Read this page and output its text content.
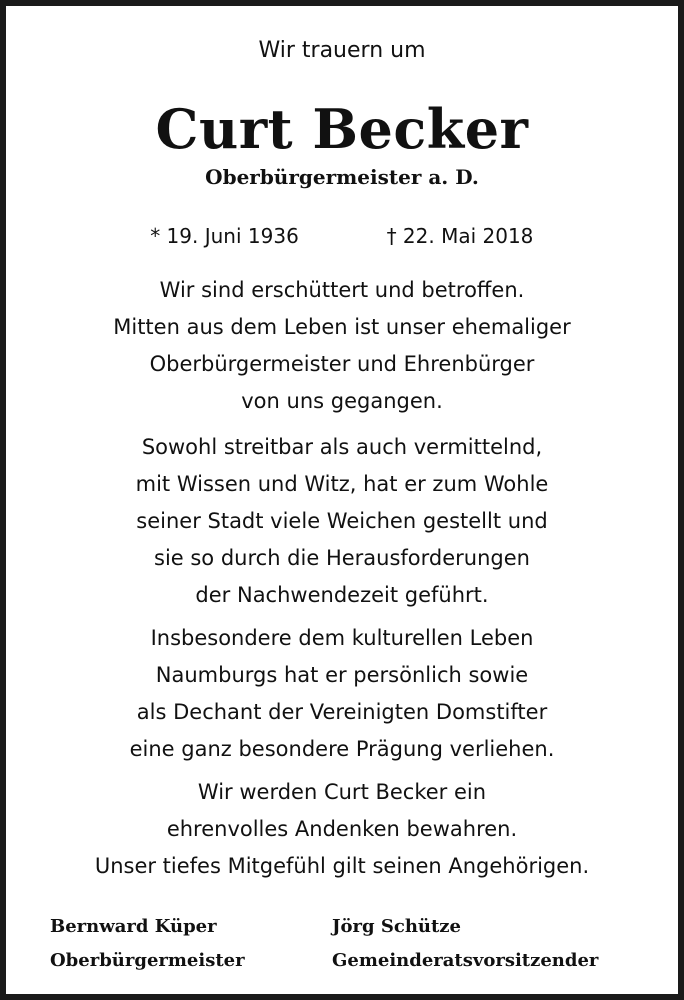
Wir trauern um
Curt Becker
Oberbürgermeister a. D.
* 19. Juni 1936	† 22. Mai 2018
Wir sind erschüttert und betroffen.
Mitten aus dem Leben ist unser ehemaliger
Oberbürgermeister und Ehrenbürger
von uns gegangen.
Sowohl streitbar als auch vermittelnd,
mit Wissen und Witz, hat er zum Wohle
seiner Stadt viele Weichen gestellt und
sie so durch die Herausforderungen
der Nachwendezeit geführt.
Insbesondere dem kulturellen Leben
Naumburgs hat er persönlich sowie
als Dechant der Vereinigten Domstifter
eine ganz besondere Prägung verliehen.
Wir werden Curt Becker ein
ehrenvolles Andenken bewahren.
Unser tiefes Mitgefühl gilt seinen Angehörigen.
Bernward Küper
Oberbürgermeister
Jörg Schütze
Gemeinderatsvorsitzender
